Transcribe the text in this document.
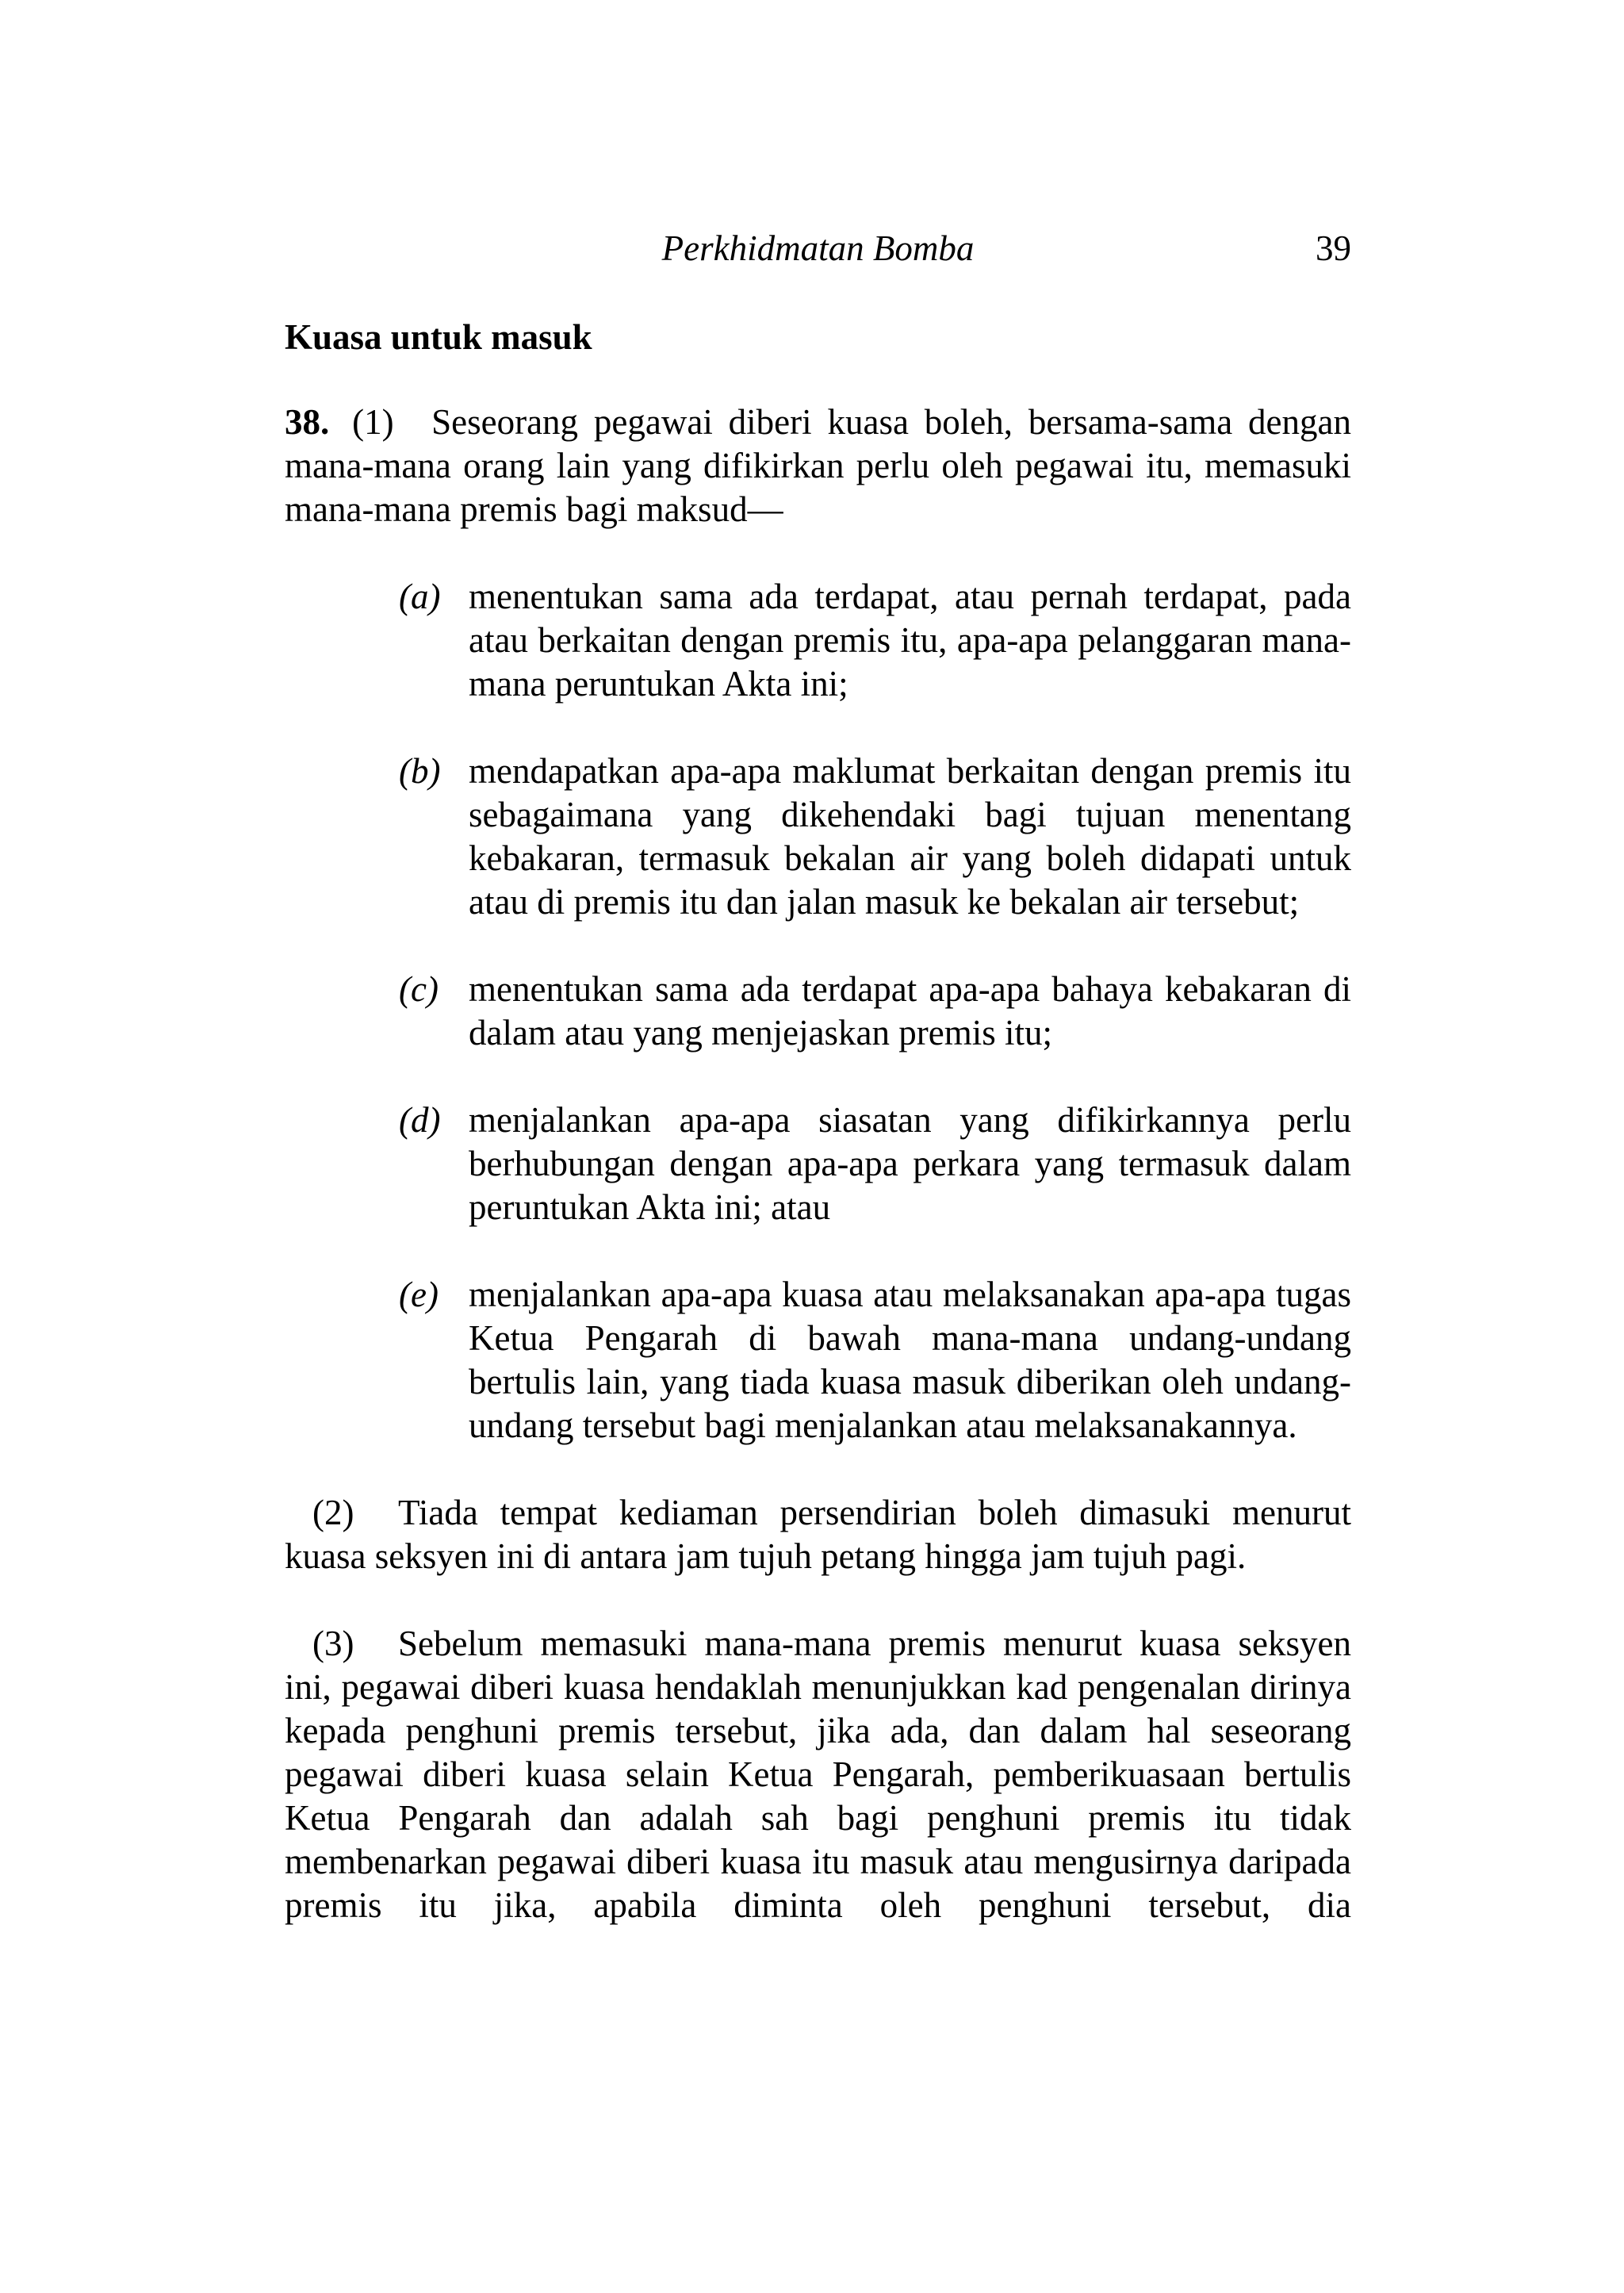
Perkhidmatan Bomba	39
Kuasa untuk masuk

38. (1) Seseorang pegawai diberi kuasa boleh, bersama-sama dengan mana-mana orang lain yang difikirkan perlu oleh pegawai itu, memasuki mana-mana premis bagi maksud—

(a) menentukan sama ada terdapat, atau pernah terdapat, pada atau berkaitan dengan premis itu, apa-apa pelanggaran mana-mana peruntukan Akta ini;
(b) mendapatkan apa-apa maklumat berkaitan dengan premis itu sebagaimana yang dikehendaki bagi tujuan menentang kebakaran, termasuk bekalan air yang boleh didapati untuk atau di premis itu dan jalan masuk ke bekalan air tersebut;
(c) menentukan sama ada terdapat apa-apa bahaya kebakaran di dalam atau yang menjejaskan premis itu;
(d) menjalankan apa-apa siasatan yang difikirkannya perlu berhubungan dengan apa-apa perkara yang termasuk dalam peruntukan Akta ini; atau
(e) menjalankan apa-apa kuasa atau melaksanakan apa-apa tugas Ketua Pengarah di bawah mana-mana undang-undang bertulis lain, yang tiada kuasa masuk diberikan oleh undang-undang tersebut bagi menjalankan atau melaksanakannya.

(2) Tiada tempat kediaman persendirian boleh dimasuki menurut kuasa seksyen ini di antara jam tujuh petang hingga jam tujuh pagi.

(3) Sebelum memasuki mana-mana premis menurut kuasa seksyen ini, pegawai diberi kuasa hendaklah menunjukkan kad pengenalan dirinya kepada penghuni premis tersebut, jika ada, dan dalam hal seseorang pegawai diberi kuasa selain Ketua Pengarah, pemberikuasaan bertulis Ketua Pengarah dan adalah sah bagi penghuni premis itu tidak membenarkan pegawai diberi kuasa itu masuk atau mengusirnya daripada premis itu jika, apabila diminta oleh penghuni tersebut, dia
